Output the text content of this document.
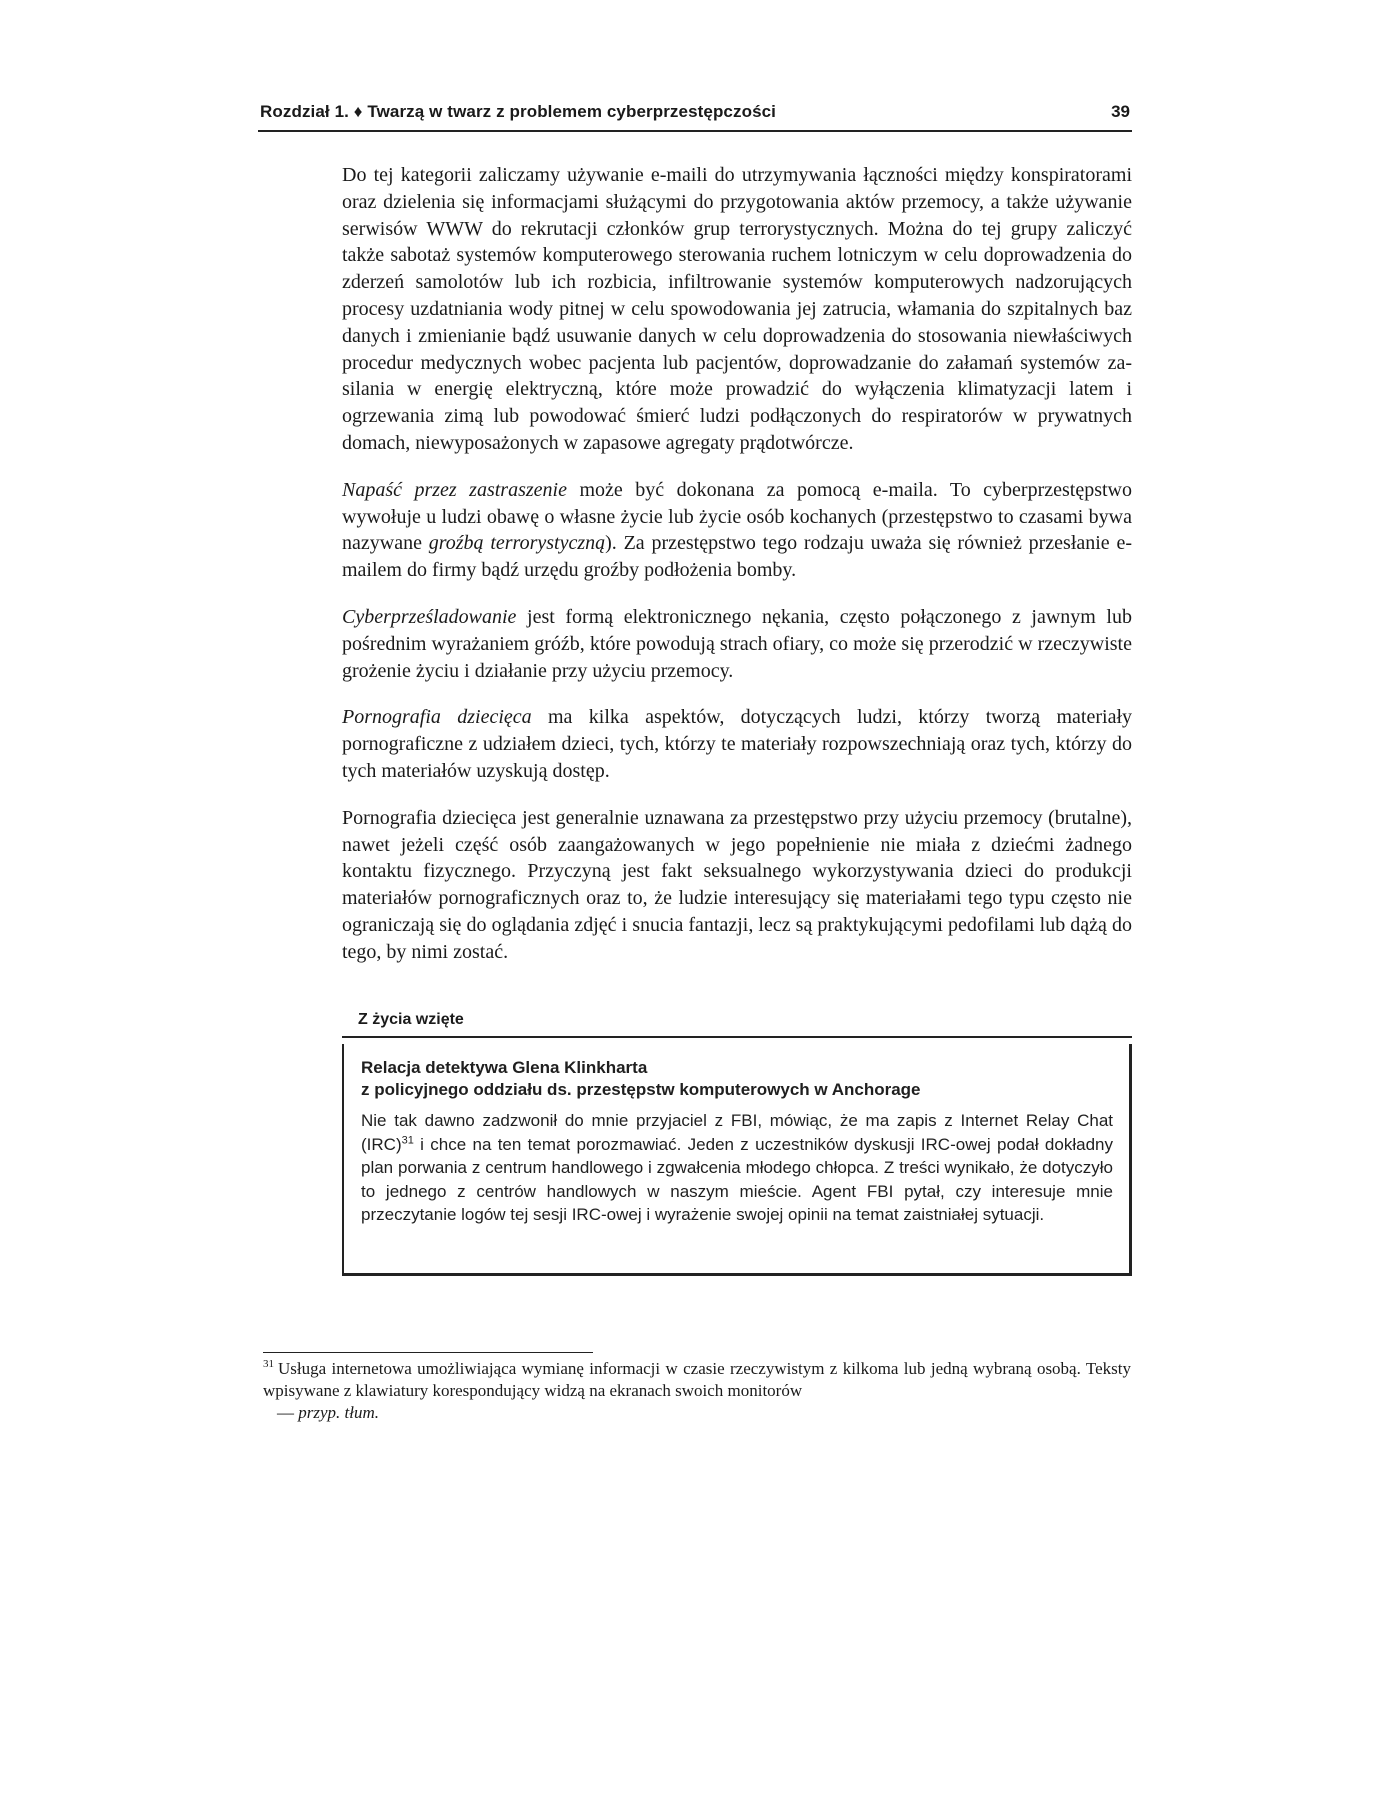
Rozdział 1. ♦ Twarzą w twarz z problemem cyberprzestępczości	39

Do tej kategorii zaliczamy używanie e-maili do utrzymywania łączności między konspiratorami oraz dzielenia się informacjami służącymi do przygotowania aktów przemocy, a także używanie serwisów WWW do rekrutacji członków grup terrorystycznych. Można do tej grupy zaliczyć także sabotaż systemów komputerowego sterowania ruchem lotniczym w celu doprowadzenia do zderzeń samolotów lub ich rozbicia, infiltrowanie systemów komputerowych nadzorujących procesy uzdatniania wody pitnej w celu spowodowania jej zatrucia, włamania do szpitalnych baz danych i zmienianie bądź usuwanie danych w celu doprowadzenia do stosowania niewłaściwych procedur medycznych wobec pacjenta lub pacjentów, doprowadzanie do załamań systemów zasilania w energię elektryczną, które może prowadzić do wyłączenia klimatyzacji latem i ogrzewania zimą lub powodować śmierć ludzi podłączonych do respiratorów w prywatnych domach, niewyposażonych w zapasowe agregaty prądotwórcze.

Napaść przez zastraszenie może być dokonana za pomocą e-maila. To cyberprzestępstwo wywołuje u ludzi obawę o własne życie lub życie osób kochanych (przestępstwo to czasami bywa nazywane groźbą terrorystyczną). Za przestępstwo tego rodzaju uważa się również przesłanie e-mailem do firmy bądź urzędu groźby podłożenia bomby.

Cyberprześladowanie jest formą elektronicznego nękania, często połączonego z jawnym lub pośrednim wyrażaniem gróźb, które powodują strach ofiary, co może się przerodzić w rzeczywiste grożenie życiu i działanie przy użyciu przemocy.

Pornografia dziecięca ma kilka aspektów, dotyczących ludzi, którzy tworzą materiały pornograficzne z udziałem dzieci, tych, którzy te materiały rozpowszechniają oraz tych, którzy do tych materiałów uzyskują dostęp.

Pornografia dziecięca jest generalnie uznawana za przestępstwo przy użyciu przemocy (brutalne), nawet jeżeli część osób zaangażowanych w jego popełnienie nie miała z dziećmi żadnego kontaktu fizycznego. Przyczyną jest fakt seksualnego wykorzystywania dzieci do produkcji materiałów pornograficznych oraz to, że ludzie interesujący się materiałami tego typu często nie ograniczają się do oglądania zdjęć i snucia fantazji, lecz są praktykującymi pedofilami lub dążą do tego, by nimi zostać.

Z życia wzięte
Relacja detektywa Glena Klinkharta
z policyjnego oddziału ds. przestępstw komputerowych w Anchorage

Nie tak dawno zadzwonił do mnie przyjaciel z FBI, mówiąc, że ma zapis z Internet Relay Chat (IRC)$^{31}$ i chce na ten temat porozmawiać. Jeden z uczestników dyskusji IRC-owej podał dokładny plan porwania z centrum handlowego i zgwałcenia młodego chłopca. Z treści wynikało, że dotyczyło to jednego z centrów handlowych w naszym mieście. Agent FBI pytał, czy interesuje mnie przeczytanie logów tej sesji IRC-owej i wyrażenie swojej opinii na temat zaistniałej sytuacji.

$^{31}$ Usługa internetowa umożliwiająca wymianę informacji w czasie rzeczywistym z kilkoma lub jedną wybraną osobą. Teksty wpisywane z klawiatury korespondujący widzą na ekranach swoich monitorów
— przyp. tłum.
